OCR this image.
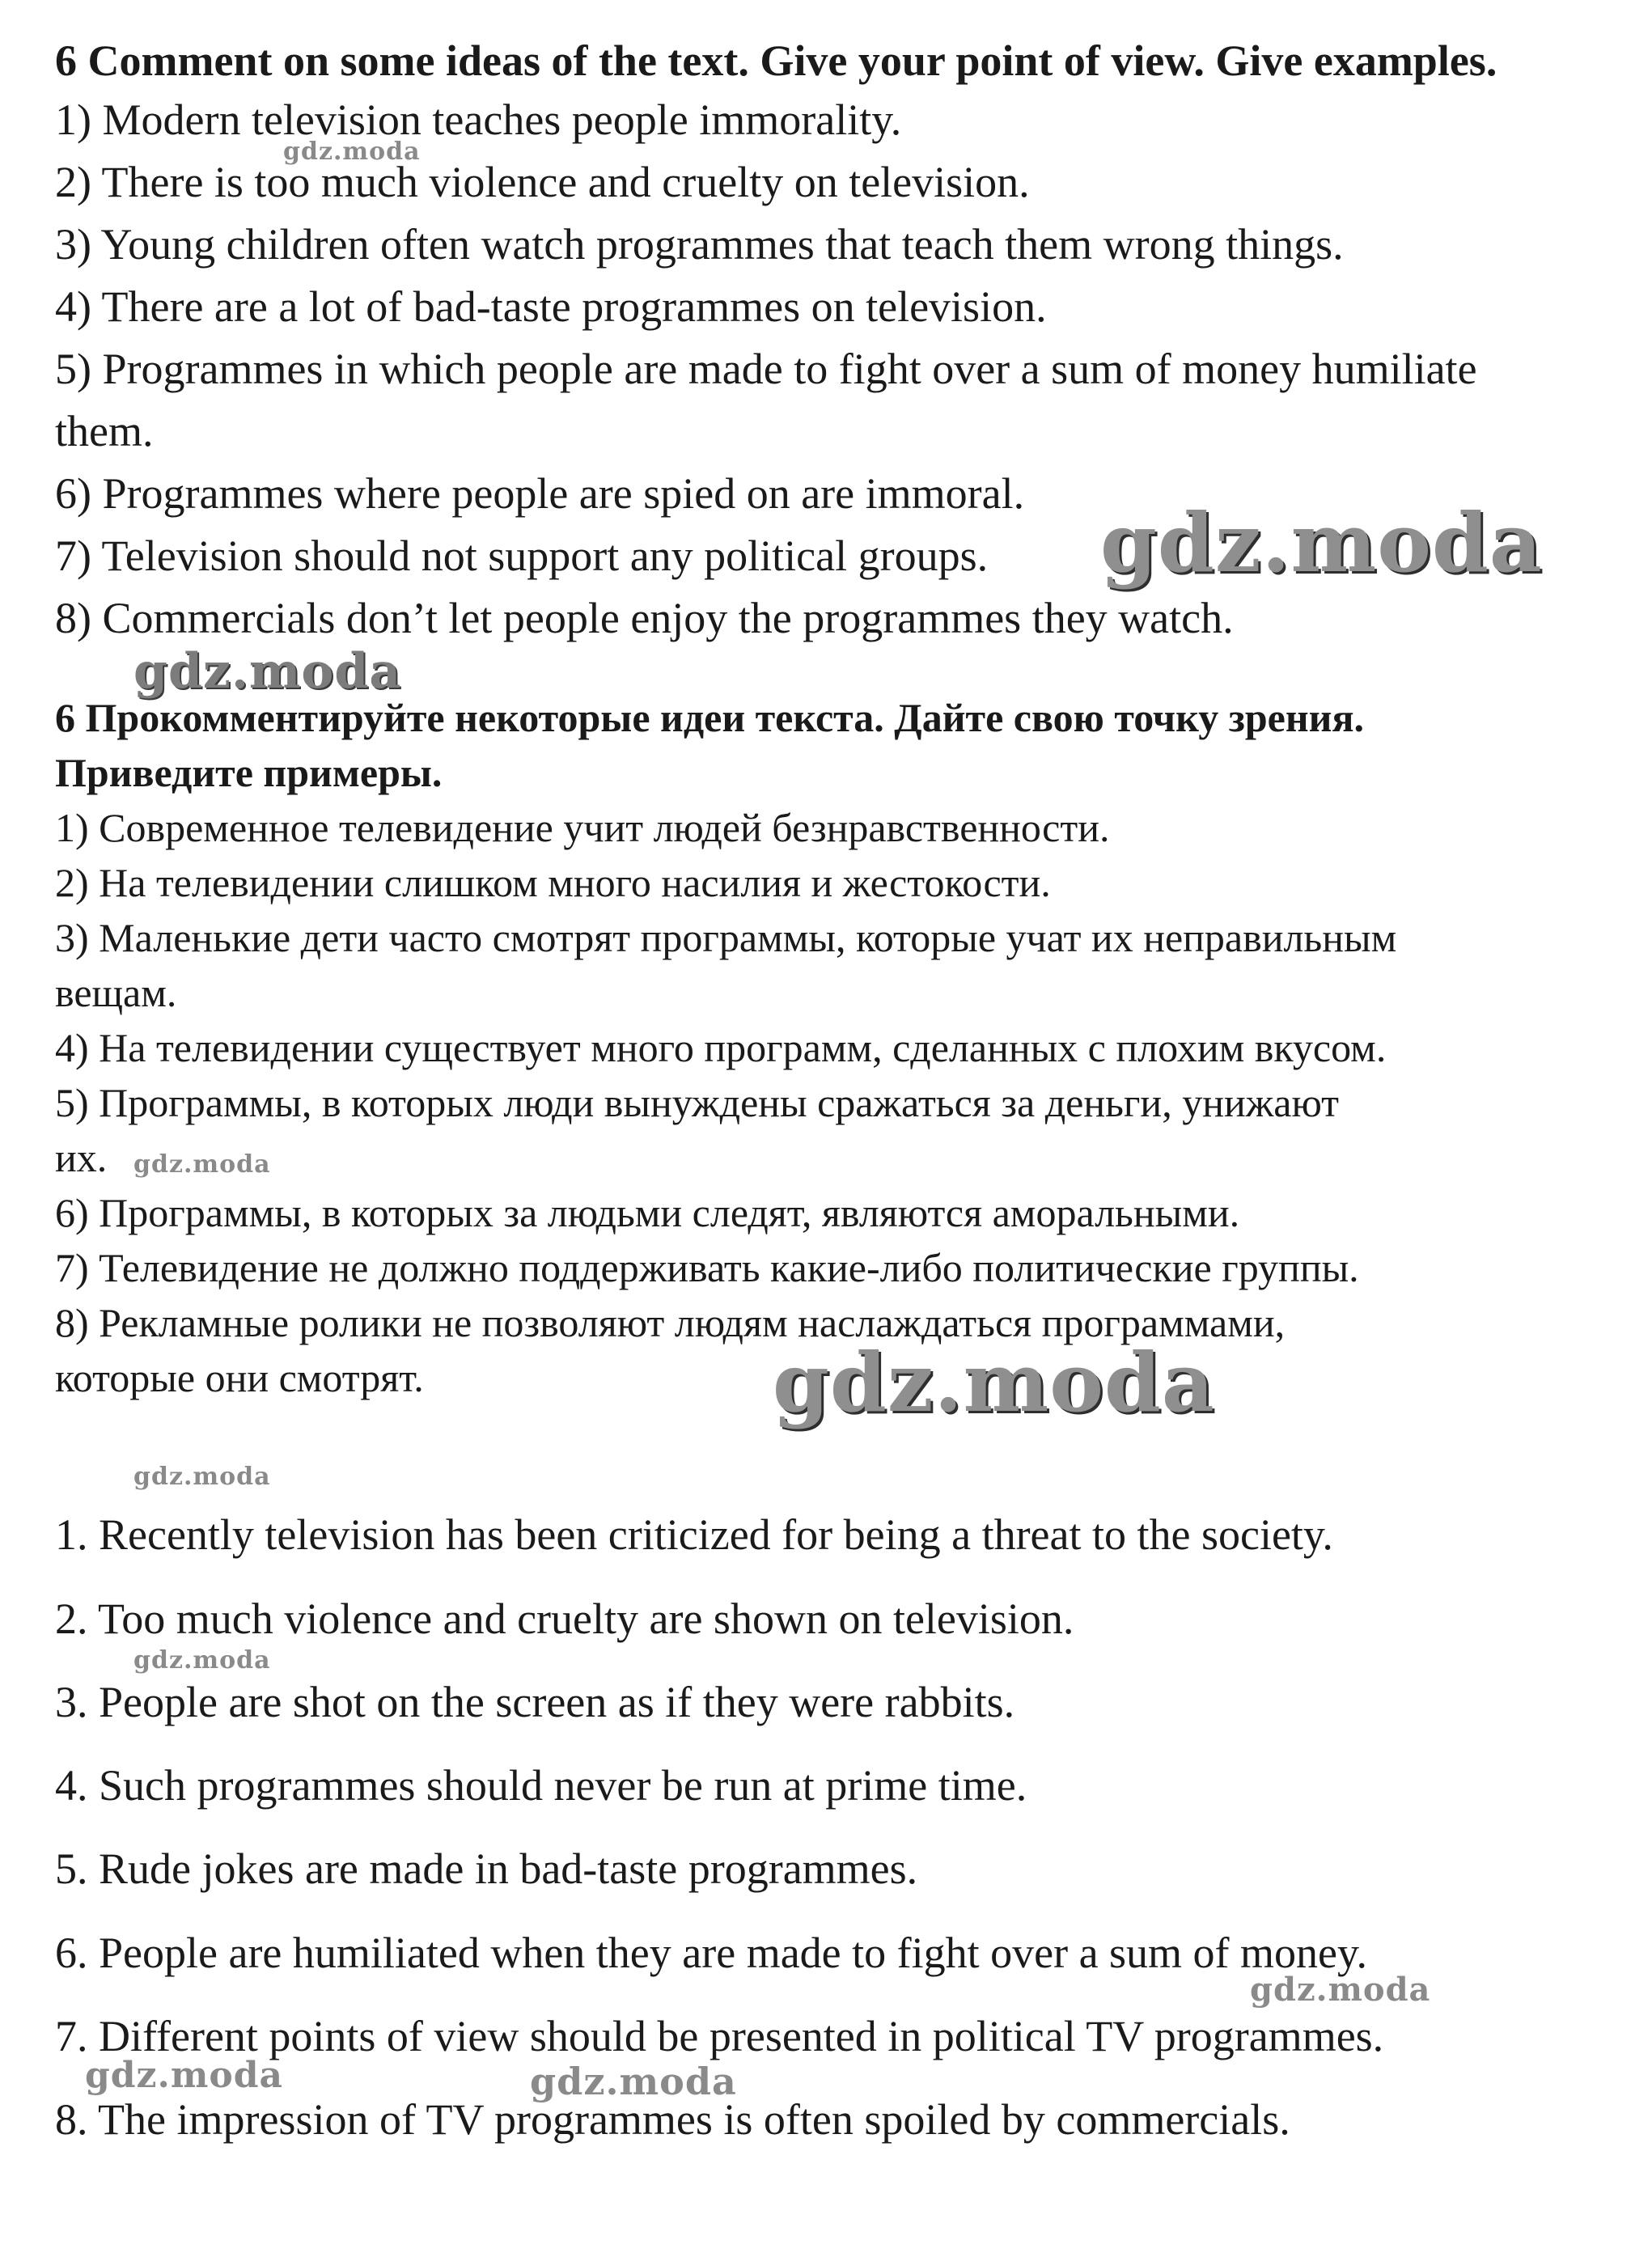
6 Comment on some ideas of the text. Give your point of view. Give examples.
1) Modern television teaches people immorality.
2) There is too much violence and cruelty on television.
3) Young children often watch programmes that teach them wrong things.
4) There are a lot of bad-taste programmes on television.
5) Programmes in which people are made to fight over a sum of money humiliate
them.
6) Programmes where people are spied on are immoral.
7) Television should not support any political groups.
8) Commercials don’t let people enjoy the programmes they watch.
6 Прокомментируйте некоторые идеи текста. Дайте свою точку зрения.
Приведите примеры.
1) Современное телевидение учит людей безнравственности.
2) На телевидении слишком много насилия и жестокости.
3) Маленькие дети часто смотрят программы, которые учат их неправильным
вещам.
4) На телевидении существует много программ, сделанных с плохим вкусом.
5) Программы, в которых люди вынуждены сражаться за деньги, унижают
их.
6) Программы, в которых за людьми следят, являются аморальными.
7) Телевидение не должно поддерживать какие-либо политические группы.
8) Рекламные ролики не позволяют людям наслаждаться программами,
которые они смотрят.
1. Recently television has been criticized for being a threat to the society.
2. Too much violence and cruelty are shown on television.
3. People are shot on the screen as if they were rabbits.
4. Such programmes should never be run at prime time.
5. Rude jokes are made in bad-taste programmes.
6. People are humiliated when they are made to fight over a sum of money.
7. Different points of view should be presented in political TV programmes.
8. The impression of TV programmes is often spoiled by commercials.
gdz.moda
gdz.moda
gdz.moda
gdz.moda
gdz.moda
gdz.moda
gdz.moda
gdz.moda
gdz.moda	gdz.moda
